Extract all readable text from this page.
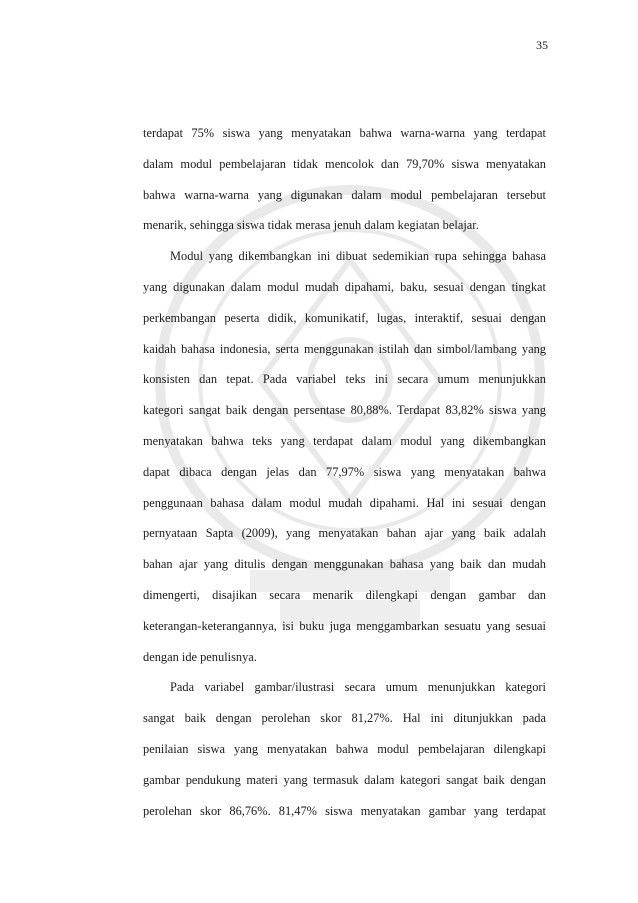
35
terdapat 75% siswa yang menyatakan bahwa warna-warna yang terdapat
dalam modul pembelajaran tidak mencolok dan 79,70% siswa menyatakan
bahwa warna-warna yang digunakan dalam modul pembelajaran tersebut
menarik, sehingga siswa tidak merasa jenuh dalam kegiatan belajar.
Modul yang dikembangkan ini dibuat sedemikian rupa sehingga bahasa
yang digunakan dalam modul mudah dipahami, baku, sesuai dengan tingkat
perkembangan peserta didik, komunikatif, lugas, interaktif, sesuai dengan
kaidah bahasa indonesia, serta menggunakan istilah dan simbol/lambang yang
konsisten dan tepat. Pada variabel teks ini secara umum menunjukkan
kategori sangat baik dengan persentase 80,88%. Terdapat 83,82% siswa yang
menyatakan bahwa teks yang terdapat dalam modul yang dikembangkan
dapat dibaca dengan jelas dan 77,97% siswa yang menyatakan bahwa
penggunaan bahasa dalam modul mudah dipahami. Hal ini sesuai dengan
pernyataan Sapta (2009), yang menyatakan bahan ajar yang baik adalah
bahan ajar yang ditulis dengan menggunakan bahasa yang baik dan mudah
dimengerti, disajikan secara menarik dilengkapi dengan gambar dan
keterangan-keterangannya, isi buku juga menggambarkan sesuatu yang sesuai
dengan ide penulisnya.
Pada variabel gambar/ilustrasi secara umum menunjukkan kategori
sangat baik dengan perolehan skor 81,27%. Hal ini ditunjukkan pada
penilaian siswa yang menyatakan bahwa modul pembelajaran dilengkapi
gambar pendukung materi yang termasuk dalam kategori sangat baik dengan
perolehan skor 86,76%. 81,47% siswa menyatakan gambar yang terdapat
